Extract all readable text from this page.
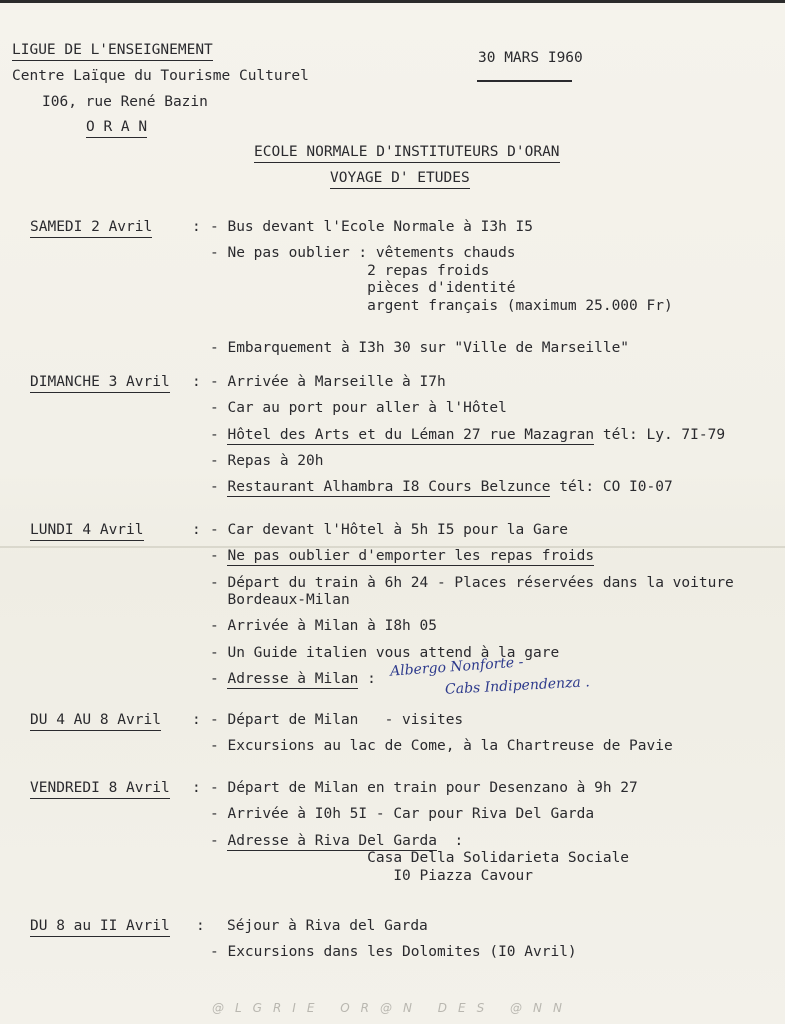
LIGUE DE L'ENSEIGNEMENT
Centre Laïque du Tourisme Culturel
I06, rue René Bazin
O R A N
30 MARS I960
ECOLE NORMALE D'INSTITUTEURS D'ORAN
VOYAGE D' ETUDES
SAMEDI 2 Avril	: - Bus devant l'Ecole Normale à I3h I5
- Ne pas oublier : vêtements chauds
2 repas froids
pièces d'identité
argent français (maximum 25.000 Fr)
- Embarquement à I3h 30 sur "Ville de Marseille"
DIMANCHE 3 Avril : - Arrivée à Marseille à I7h
- Car au port pour aller à l'Hôtel
- Hôtel des Arts et du Léman 27 rue Mazagran tél: Ly. 7I-79
- Repas à 20h
- Restaurant Alhambra I8 Cours Belzunce tél: CO I0-07
LUNDI 4 Avril	: - Car devant l'Hôtel à 5h I5 pour la Gare
- Ne pas oublier d'emporter les repas froids
- Départ du train à 6h 24 - Places réservées dans la voiture
Bordeaux-Milan
- Arrivée à Milan à I8h 05
- Un Guide italien vous attend à la gare
- Adresse à Milan :
DU 4 AU 8 Avril : - Départ de Milan   - visites
- Excursions au lac de Come, à la Chartreuse de Pavie
VENDREDI 8 Avril : - Départ de Milan en train pour Desenzano à 9h 27
- Arrivée à I0h 5I - Car pour Riva Del Garda
- Adresse à Riva Del Garda  :
Casa Della Solidarieta Sociale
I0 Piazza Cavour
DU 8 au II Avril : Séjour à Riva del Garda
- Excursions dans les Dolomites (I0 Avril)
Albergo Nonforte -
Cabs Indipendenza .
@LGRIE OR@N DES @NN
